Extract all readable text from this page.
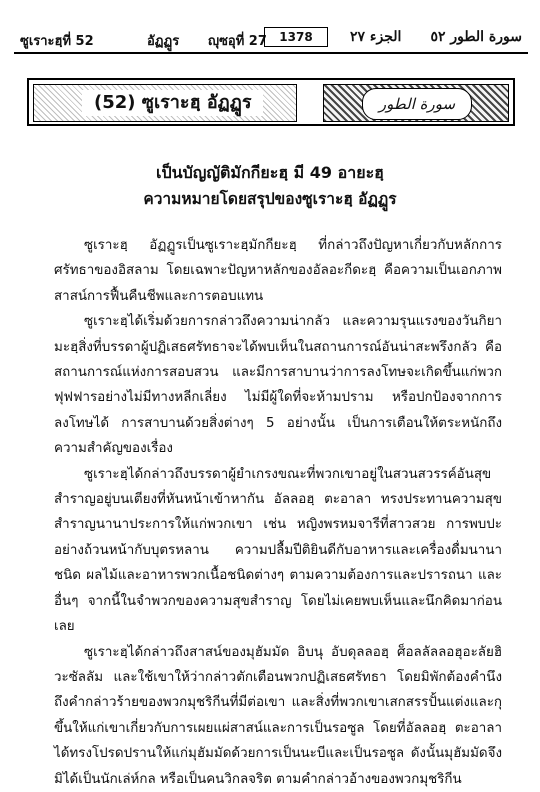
ซูเราะฮฺที่ 52	อัฏฏูร ญุซอุที่ 27	1378	الجزء ٢٧ سورة الطور ٥٢
(52) ซูเราะฮฺ อัฏฏูร	سورة الطور
เป็นบัญญัติมักกียะฮฺ มี 49 อายะฮฺ
ความหมายโดยสรุปของซูเราะฮฺ อัฏฏูร

ซูเราะฮฺ อัฏฏูรเป็นซูเราะฮฺมักกียะฮฺ ที่กล่าวถึงปัญหาเกี่ยวกับหลักการศรัทธาของอิสลาม โดยเฉพาะปัญหาหลักของอัลอะกีดะฮฺ คือความเป็นเอกภาพ สาสน์การฟื้นคืนชีพและการตอบแทน

ซูเราะฮฺได้เริ่มด้วยการกล่าวถึงความน่ากลัว และความรุนแรงของวันกิยามะฮฺสิ่งที่บรรดาผู้ปฏิเสธศรัทธาจะได้พบเห็นในสถานการณ์อันน่าสะพรึงกลัว คือสถานการณ์แห่งการสอบสวน และมีการสาบานว่าการลงโทษจะเกิดขึ้นแก่พวกฟุฟฟารอย่างไม่มีทางหลีกเลี่ยง ไม่มีผู้ใดที่จะห้ามปราม หรือปกป้องจากการลงโทษได้ การสาบานด้วยสิ่งต่างๆ 5 อย่างนั้น เป็นการเตือนให้ตระหนักถึงความสำคัญของเรื่อง

ซูเราะฮฺได้กล่าวถึงบรรดาผู้ยำเกรงขณะที่พวกเขาอยู่ในสวนสวรรค์อันสุขสำราญอยู่บนเตียงที่หันหน้าเข้าหากัน อัลลอฮฺ ตะอาลา ทรงประทานความสุขสำราญนานาประการให้แก่พวกเขา เช่น หญิงพรหมจารีที่สาวสวย การพบปะอย่างถ้วนหน้ากับบุตรหลาน ความปลื้มปีติยินดีกับอาหารและเครื่องดื่มนานาชนิด ผลไม้และอาหารพวกเนื้อชนิดต่างๆ ตามความต้องการและปรารถนา และอื่นๆ จากนี้ในจำพวกของความสุขสำราญ โดยไม่เคยพบเห็นและนึกคิดมาก่อนเลย

ซูเราะฮฺได้กล่าวถึงสาสน์ของมุฮัมมัด อิบนุ อับดุลลอฮฺ ศ็อลลัลลอฮุอะลัยฮิวะซัลลัม และใช้เขาให้ว่ากล่าวตักเตือนพวกปฏิเสธศรัทธา โดยมิพักต้องคำนึงถึงคำกล่าวร้ายของพวกมุชริกีนที่มีต่อเขา และสิ่งที่พวกเขาเสกสรรปั้นแต่งและกุขึ้นให้แก่เขาเกี่ยวกับการเผยแผ่สาสน์และการเป็นรอซูล โดยที่อัลลอฮฺ ตะอาลา ได้ทรงโปรดปรานให้แก่มุฮัมมัดด้วยการเป็นนะบีและเป็นรอซูล ดังนั้นมุฮัมมัดจึงมิได้เป็นนักเล่ห์กล หรือเป็นคนวิกลจริต ตามคำกล่าวอ้างของพวกมุชริกีน
